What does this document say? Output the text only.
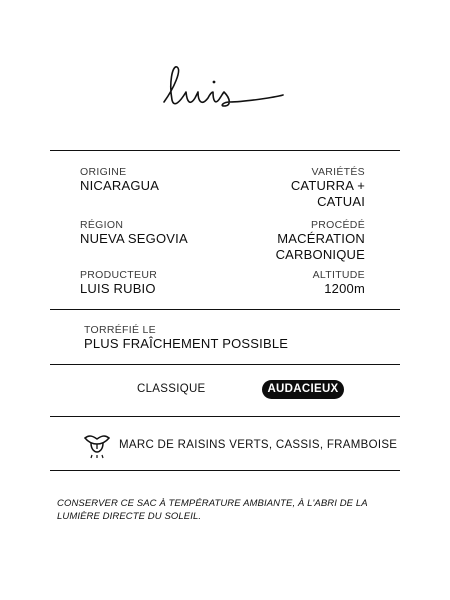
ORIGINE
NICARAGUA
VARIÉTÉS
CATURRA +
CATUAI
RÉGION
NUEVA SEGOVIA
PROCÉDÉ
MACÉRATION
CARBONIQUE
PRODUCTEUR
LUIS RUBIO
ALTITUDE
1200m
TORRÉFIÉ LE
PLUS FRAÎCHEMENT POSSIBLE
CLASSIQUE	AUDACIEUX
MARC DE RAISINS VERTS, CASSIS, FRAMBOISE
CONSERVER CE SAC À TEMPÉRATURE AMBIANTE, À L'ABRI DE LA LUMIÈRE DIRECTE DU SOLEIL.
